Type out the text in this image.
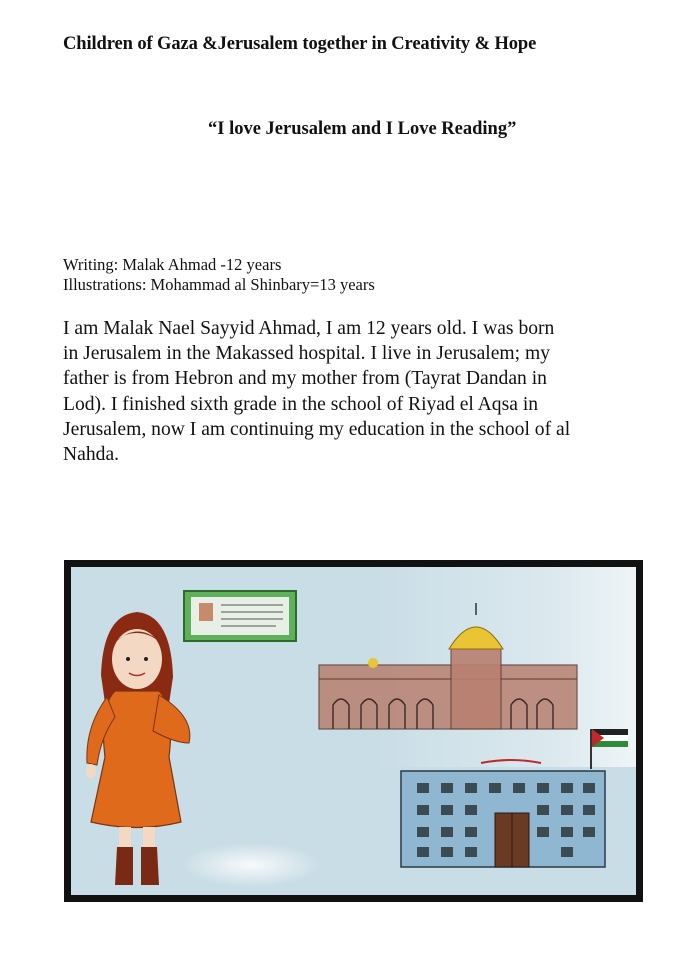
Children of Gaza &Jerusalem together in Creativity & Hope
“I love Jerusalem and I Love Reading”

Writing: Malak Ahmad -12 years

Illustrations: Mohammad al Shinbary=13 years

I am Malak Nael Sayyid Ahmad, I am 12 years old. I was born
in Jerusalem in the Makassed hospital. I live in Jerusalem; my
father is from Hebron and my mother from (Tayrat Dandan in
Lod). I finished sixth grade in the school of Riyad el Aqsa in
Jerusalem, now I am continuing my education in the school of al
Nahda.
